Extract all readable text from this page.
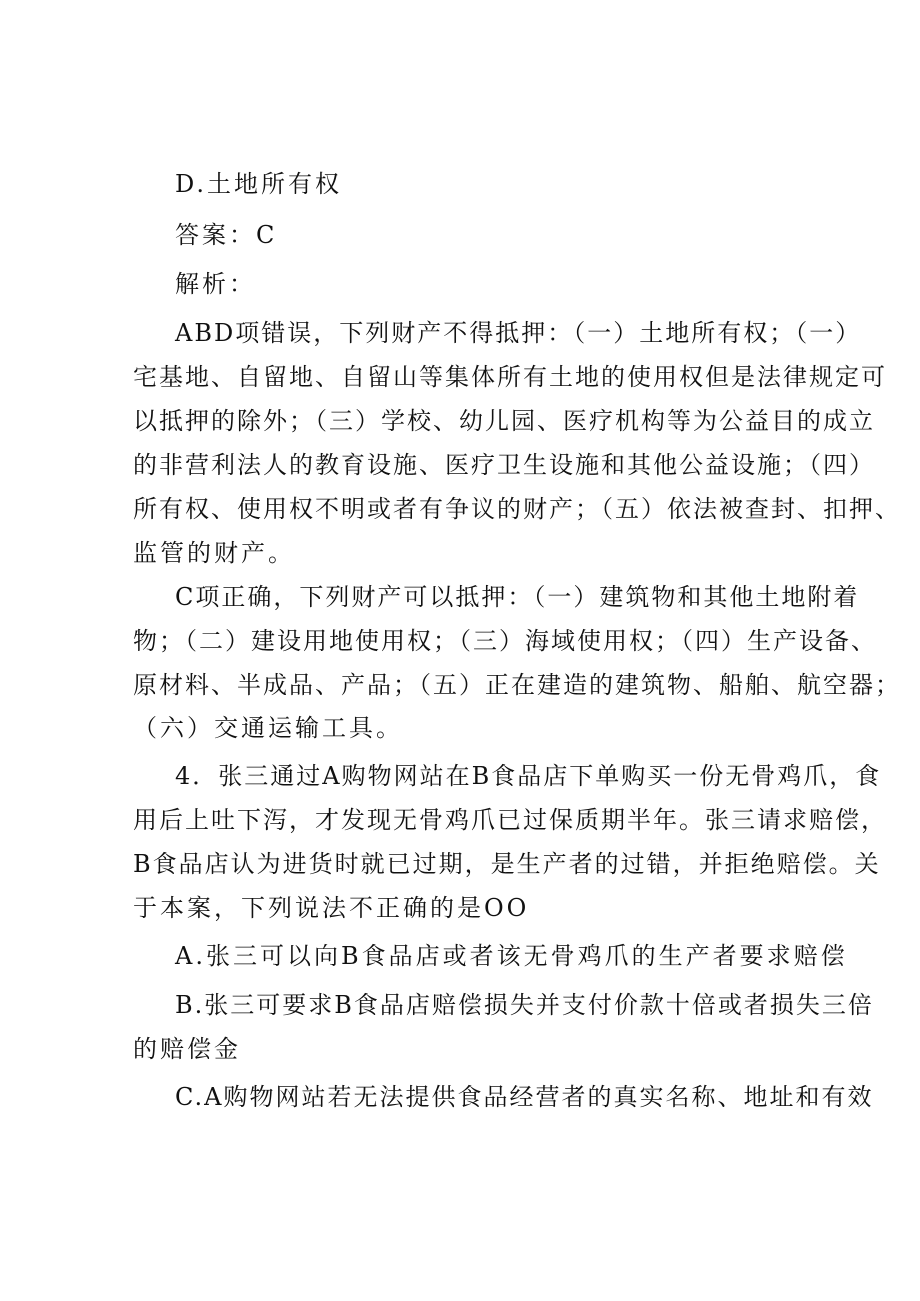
D.土地所有权
答案：C
解析：
ABD项错误，下列财产不得抵押：（一）土地所有权；（一）
宅基地、自留地、自留山等集体所有土地的使用权但是法律规定可
以抵押的除外；（三）学校、幼儿园、医疗机构等为公益目的成立
的非营利法人的教育设施、医疗卫生设施和其他公益设施；（四）
所有权、使用权不明或者有争议的财产；（五）依法被查封、扣押、
监管的财产。
C项正确，下列财产可以抵押：（一）建筑物和其他土地附着
物；（二）建设用地使用权；（三）海域使用权；（四）生产设备、
原材料、半成品、产品；（五）正在建造的建筑物、船舶、航空器；
（六）交通运输工具。
4．张三通过A购物网站在B食品店下单购买一份无骨鸡爪，食
用后上吐下泻，才发现无骨鸡爪已过保质期半年。张三请求赔偿，
B食品店认为进货时就已过期，是生产者的过错，并拒绝赔偿。关
于本案，下列说法不正确的是OO
A.张三可以向B食品店或者该无骨鸡爪的生产者要求赔偿
B.张三可要求B食品店赔偿损失并支付价款十倍或者损失三倍
的赔偿金
C.A购物网站若无法提供食品经营者的真实名称、地址和有效
